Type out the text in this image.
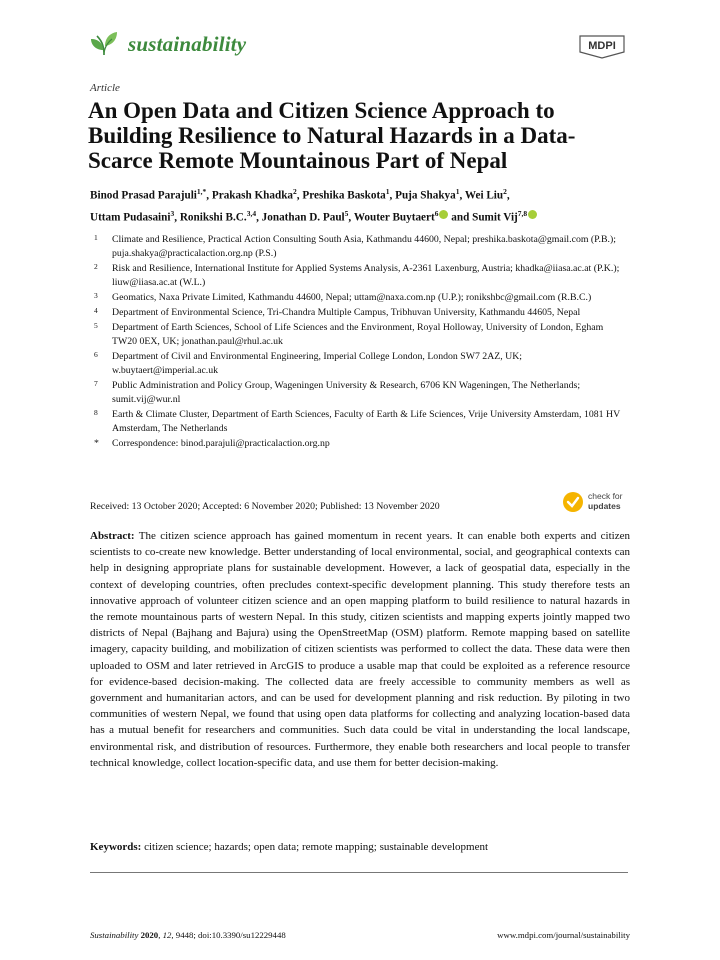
sustainability	MDPI
Article
An Open Data and Citizen Science Approach to Building Resilience to Natural Hazards in a Data-Scarce Remote Mountainous Part of Nepal
Binod Prasad Parajuli$^{1,*}$, Prakash Khadka$^2$, Preshika Baskota$^1$, Puja Shakya$^1$, Wei Liu$^2$,
Uttam Pudasaini$^3$, Ronikshi B.C.$^{3,4}$, Jonathan D. Paul$^5$, Wouter Buytaert$^6$ and Sumit Vij$^{7,8}$
1 Climate and Resilience, Practical Action Consulting South Asia, Kathmandu 44600, Nepal; preshika.baskota@gmail.com (P.B.); puja.shakya@practicalaction.org.np (P.S.)
2 Risk and Resilience, International Institute for Applied Systems Analysis, A-2361 Laxenburg, Austria; khadka@iiasa.ac.at (P.K.); liuw@iiasa.ac.at (W.L.)
3 Geomatics, Naxa Private Limited, Kathmandu 44600, Nepal; uttam@naxa.com.np (U.P.); ronikshbc@gmail.com (R.B.C.)
4 Department of Environmental Science, Tri-Chandra Multiple Campus, Tribhuvan University, Kathmandu 44605, Nepal
5 Department of Earth Sciences, School of Life Sciences and the Environment, Royal Holloway, University of London, Egham TW20 0EX, UK; jonathan.paul@rhul.ac.uk
6 Department of Civil and Environmental Engineering, Imperial College London, London SW7 2AZ, UK; w.buytaert@imperial.ac.uk
7 Public Administration and Policy Group, Wageningen University & Research, 6706 KN Wageningen, The Netherlands; sumit.vij@wur.nl
8 Earth & Climate Cluster, Department of Earth Sciences, Faculty of Earth & Life Sciences, Vrije University Amsterdam, 1081 HV Amsterdam, The Netherlands
* Correspondence: binod.parajuli@practicalaction.org.np
Received: 13 October 2020; Accepted: 6 November 2020; Published: 13 November 2020
check for
updates

Abstract: The citizen science approach has gained momentum in recent years. It can enable both experts and citizen scientists to co-create new knowledge. Better understanding of local environmental, social, and geographical contexts can help in designing appropriate plans for sustainable development. However, a lack of geospatial data, especially in the context of developing countries, often precludes context-specific development planning. This study therefore tests an innovative approach of volunteer citizen science and an open mapping platform to build resilience to natural hazards in the remote mountainous parts of western Nepal. In this study, citizen scientists and mapping experts jointly mapped two districts of Nepal (Bajhang and Bajura) using the OpenStreetMap (OSM) platform. Remote mapping based on satellite imagery, capacity building, and mobilization of citizen scientists was performed to collect the data. These data were then uploaded to OSM and later retrieved in ArcGIS to produce a usable map that could be exploited as a reference resource for evidence-based decision-making. The collected data are freely accessible to community members as well as government and humanitarian actors, and can be used for development planning and risk reduction. By piloting in two communities of western Nepal, we found that using open data platforms for collecting and analyzing location-based data has a mutual benefit for researchers and communities. Such data could be vital in understanding the local landscape, environmental risk, and distribution of resources. Furthermore, they enable both researchers and local people to transfer technical knowledge, collect location-specific data, and use them for better decision-making.

Keywords: citizen science; hazards; open data; remote mapping; sustainable development
Sustainability 2020, 12, 9448; doi:10.3390/su12229448	www.mdpi.com/journal/sustainability
